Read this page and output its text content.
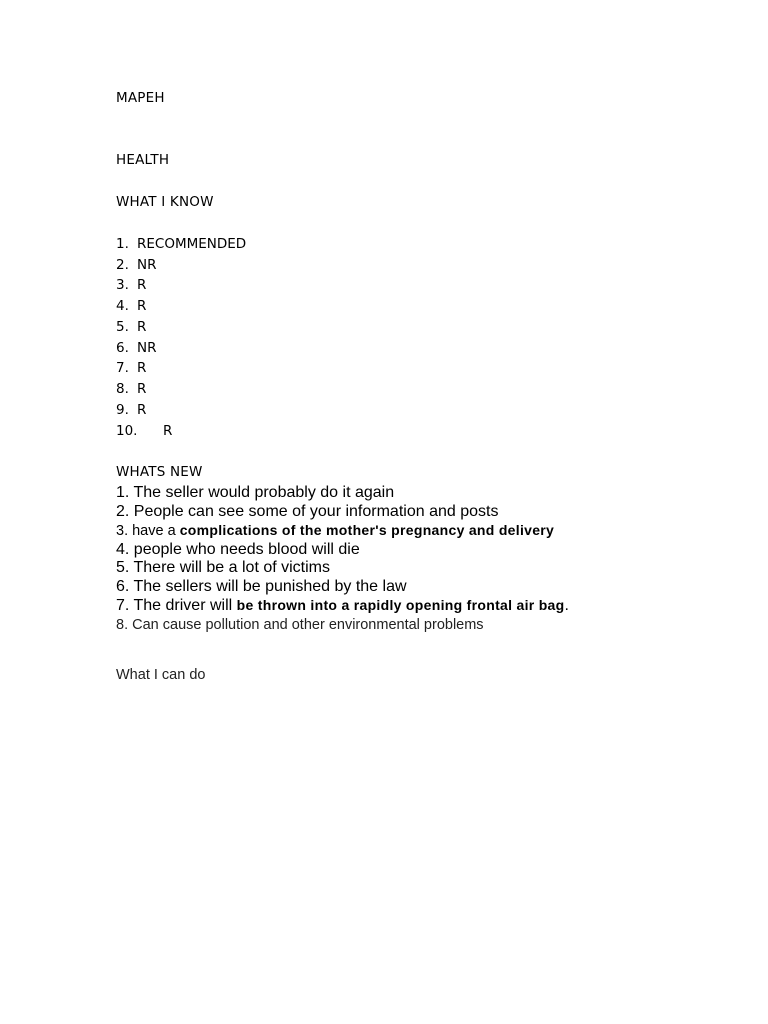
MAPEH
HEALTH
WHAT I KNOW
1. RECOMMENDED
2. NR
3. R
4. R
5. R
6. NR
7. R
8. R
9. R
10. R
WHATS NEW
1. The seller would probably do it again
2. People can see some of your information and posts
3. have a complications of the mother's pregnancy and delivery
4. people who needs blood will die
5. There will be a lot of victims
6. The sellers will be punished by the law
7. The driver will be thrown into a rapidly opening frontal air bag.
8. Can cause pollution and other environmental problems
What I can do
